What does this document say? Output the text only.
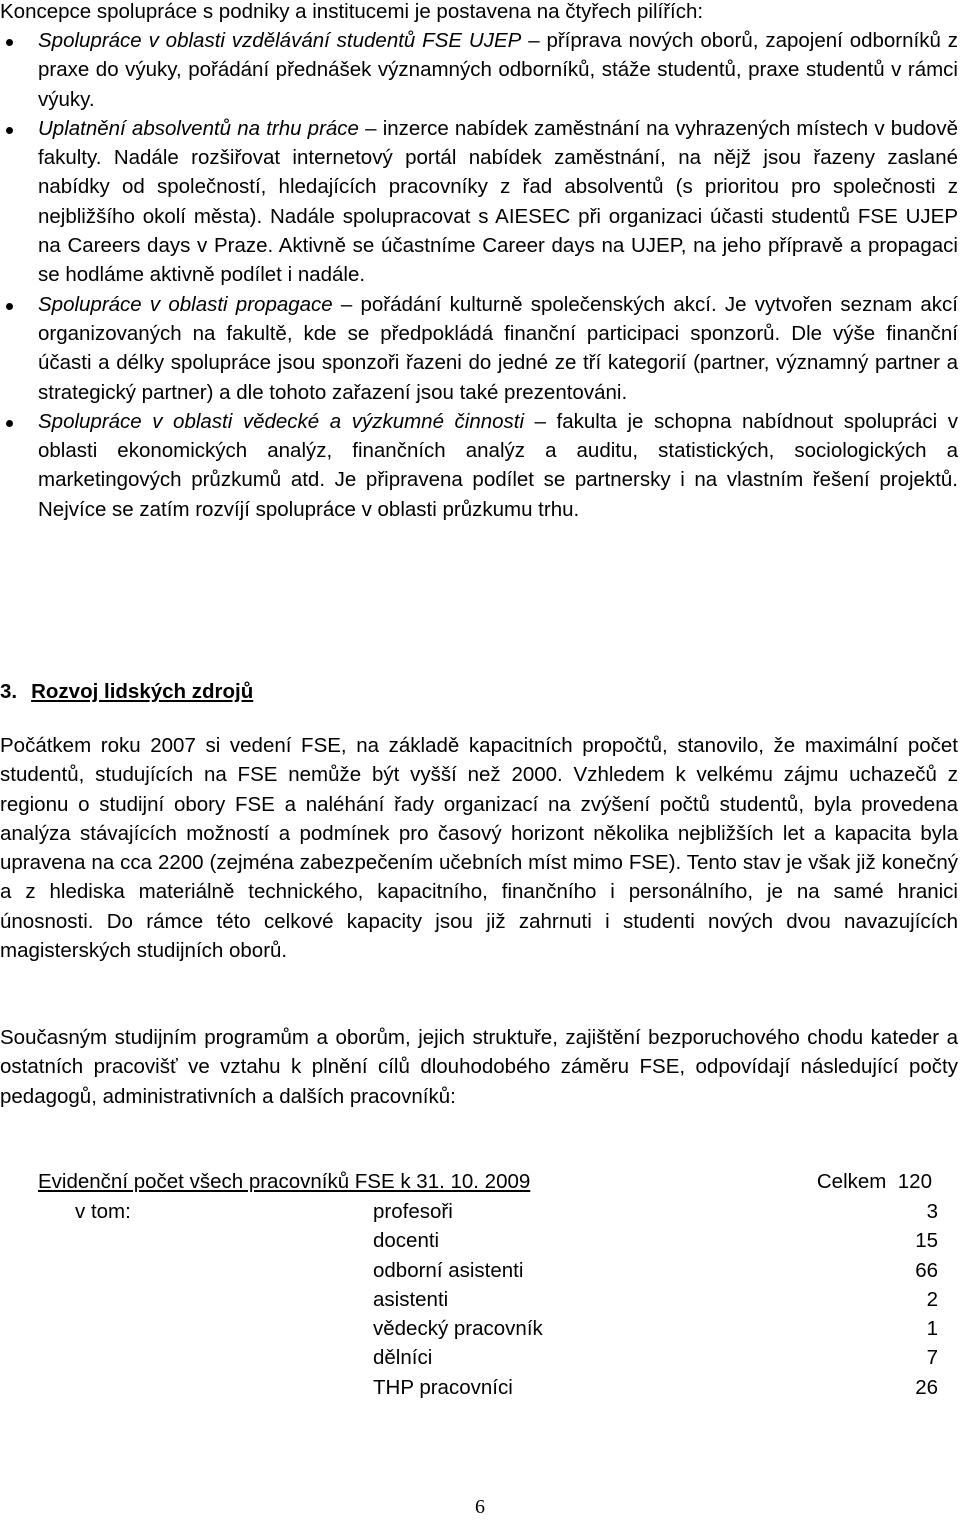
Koncepce spolupráce s podniky a institucemi je postavena na čtyřech pilířích:

Spolupráce v oblasti vzdělávání studentů FSE UJEP – příprava nových oborů, zapojení odborníků z praxe do výuky, pořádání přednášek významných odborníků, stáže studentů, praxe studentů v rámci výuky.
Uplatnění absolventů na trhu práce – inzerce nabídek zaměstnání na vyhrazených místech v budově fakulty. Nadále rozšiřovat internetový portál nabídek zaměstnání, na nějž jsou řazeny zaslané nabídky od společností, hledajících pracovníky z řad absolventů (s prioritou pro společnosti z nejbližšího okolí města). Nadále spolupracovat s AIESEC při organizaci účasti studentů FSE UJEP na Careers days v Praze. Aktivně se účastníme Career days na UJEP, na jeho přípravě a propagaci se hodláme aktivně podílet i nadále.
Spolupráce v oblasti propagace – pořádání kulturně společenských akcí. Je vytvořen seznam akcí organizovaných na fakultě, kde se předpokládá finanční participaci sponzorů. Dle výše finanční účasti a délky spolupráce jsou sponzoři řazeni do jedné ze tří kategorií (partner, významný partner a strategický partner) a dle tohoto zařazení jsou také prezentováni.
Spolupráce v oblasti vědecké a výzkumné činnosti – fakulta je schopna nabídnout spolupráci v oblasti ekonomických analýz, finančních analýz a auditu, statistických, sociologických a marketingových průzkumů atd. Je připravena podílet se partnersky i na vlastním řešení projektů. Nejvíce se zatím rozvíjí spolupráce v oblasti průzkumu trhu.
3. Rozvoj lidských zdrojů

Počátkem roku 2007 si vedení FSE, na základě kapacitních propočtů, stanovilo, že maximální počet studentů, studujících na FSE nemůže být vyšší než 2000. Vzhledem k velkému zájmu uchazečů z regionu o studijní obory FSE a naléhání řady organizací na zvýšení počtů studentů, byla provedena analýza stávajících možností a podmínek pro časový horizont několika nejbližších let a kapacita byla upravena na cca 2200 (zejména zabezpečením učebních míst mimo FSE). Tento stav je však již konečný a z hlediska materiálně technického, kapacitního, finančního i personálního, je na samé hranici únosnosti. Do rámce této celkové kapacity jsou již zahrnuti i studenti nových dvou navazujících magisterských studijních oborů.

Současným studijním programům a oborům, jejich struktuře, zajištění bezporuchového chodu kateder a ostatních pracovišť ve vztahu k plnění cílů dlouhodobého záměru FSE, odpovídají následující počty pedagogů, administrativních a dalších pracovníků:

Evidenční počet všech pracovníků FSE k 31. 10. 2009	Celkem 120
v tom:	profesoři	3
docenti	15
odborní asistenti	66
asistenti	2
vědecký pracovník	1
dělníci	7
THP pracovníci	26
6
